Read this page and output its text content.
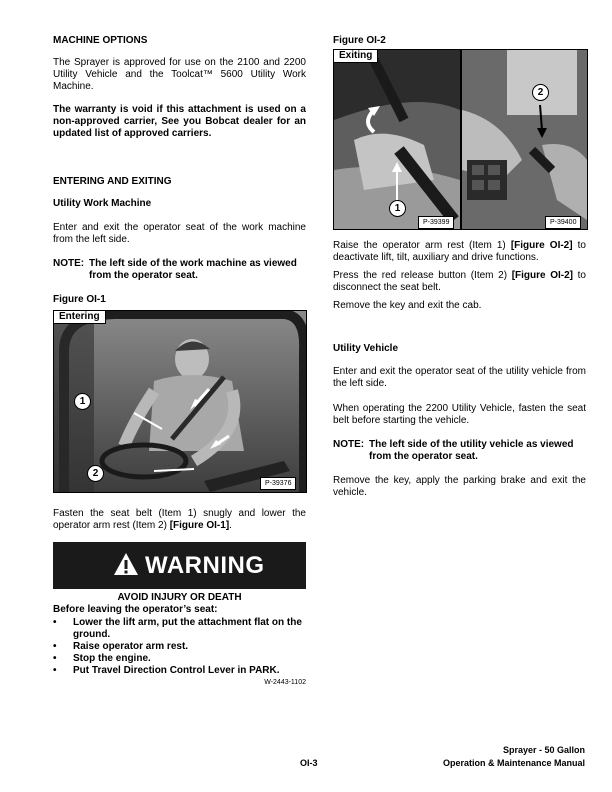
MACHINE OPTIONS
The Sprayer is approved for use on the 2100 and 2200 Utility Vehicle and the Toolcat™ 5600 Utility Work Machine.
The warranty is void if this attachment is used on a non-approved carrier, See you Bobcat dealer for an updated list of approved carriers.
ENTERING AND EXITING
Utility Work Machine
Enter and exit the operator seat of the work machine from the left side.
NOTE: The left side of the work machine as viewed
from the operator seat.
Figure OI-1
Entering
1
2
P-39376
Fasten the seat belt (Item 1) snugly and lower the operator arm rest (Item 2) [Figure OI-1].
WARNING
AVOID INJURY OR DEATH
Before leaving the operator’s seat:
• Lower the lift arm, put the attachment flat on the ground.
• Raise operator arm rest.
• Stop the engine.
• Put Travel Direction Control Lever in PARK.
W-2443-1102
Figure OI-2
Exiting
1
P-39399
2
P-39400
Raise the operator arm rest (Item 1) [Figure OI-2] to deactivate lift, tilt, auxiliary and drive functions.
Press the red release button (Item 2) [Figure OI-2] to disconnect the seat belt.
Remove the key and exit the cab.
Utility Vehicle
Enter and exit the operator seat of the utility vehicle from the left side.
When operating the 2200 Utility Vehicle, fasten the seat belt before starting the vehicle.
NOTE: The left side of the utility vehicle as viewed
from the operator seat.
Remove the key, apply the parking brake and exit the vehicle.
OI-3
Sprayer - 50 Gallon
Operation & Maintenance Manual
